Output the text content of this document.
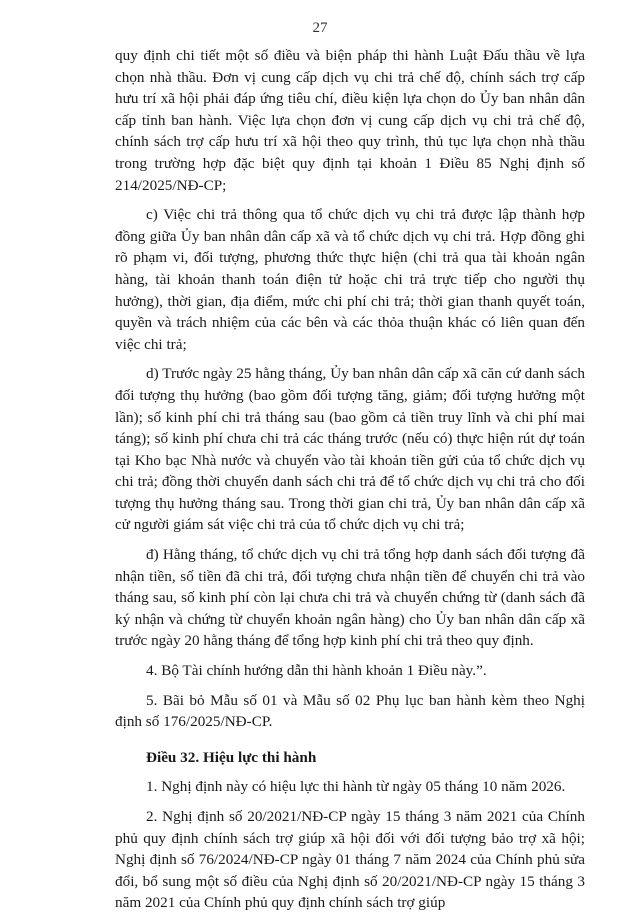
27

quy định chi tiết một số điều và biện pháp thi hành Luật Đấu thầu về lựa chọn nhà thầu. Đơn vị cung cấp dịch vụ chi trả chế độ, chính sách trợ cấp hưu trí xã hội phải đáp ứng tiêu chí, điều kiện lựa chọn do Ủy ban nhân dân cấp tỉnh ban hành. Việc lựa chọn đơn vị cung cấp dịch vụ chi trả chế độ, chính sách trợ cấp hưu trí xã hội theo quy trình, thủ tục lựa chọn nhà thầu trong trường hợp đặc biệt quy định tại khoản 1 Điều 85 Nghị định số 214/2025/NĐ-CP;

c) Việc chi trả thông qua tổ chức dịch vụ chi trả được lập thành hợp đồng giữa Ủy ban nhân dân cấp xã và tổ chức dịch vụ chi trả. Hợp đồng ghi rõ phạm vi, đối tượng, phương thức thực hiện (chi trả qua tài khoản ngân hàng, tài khoản thanh toán điện tử hoặc chi trả trực tiếp cho người thụ hưởng), thời gian, địa điểm, mức chi phí chi trả; thời gian thanh quyết toán, quyền và trách nhiệm của các bên và các thỏa thuận khác có liên quan đến việc chi trả;

d) Trước ngày 25 hằng tháng, Ủy ban nhân dân cấp xã căn cứ danh sách đối tượng thụ hưởng (bao gồm đối tượng tăng, giảm; đối tượng hưởng một lần); số kinh phí chi trả tháng sau (bao gồm cả tiền truy lĩnh và chi phí mai táng); số kinh phí chưa chi trả các tháng trước (nếu có) thực hiện rút dự toán tại Kho bạc Nhà nước và chuyển vào tài khoản tiền gửi của tổ chức dịch vụ chi trả; đồng thời chuyển danh sách chi trả để tổ chức dịch vụ chi trả cho đối tượng thụ hưởng tháng sau. Trong thời gian chi trả, Ủy ban nhân dân cấp xã cử người giám sát việc chi trả của tổ chức dịch vụ chi trả;

đ) Hằng tháng, tổ chức dịch vụ chi trả tổng hợp danh sách đối tượng đã nhận tiền, số tiền đã chi trả, đối tượng chưa nhận tiền để chuyển chi trả vào tháng sau, số kinh phí còn lại chưa chi trả và chuyển chứng từ (danh sách đã ký nhận và chứng từ chuyển khoản ngân hàng) cho Ủy ban nhân dân cấp xã trước ngày 20 hằng tháng để tổng hợp kinh phí chi trả theo quy định.

4. Bộ Tài chính hướng dẫn thi hành khoản 1 Điều này.”.

5. Bãi bỏ Mẫu số 01 và Mẫu số 02 Phụ lục ban hành kèm theo Nghị định số 176/2025/NĐ-CP.

Điều 32. Hiệu lực thi hành

1. Nghị định này có hiệu lực thi hành từ ngày 05 tháng 10 năm 2026.

2. Nghị định số 20/2021/NĐ-CP ngày 15 tháng 3 năm 2021 của Chính phủ quy định chính sách trợ giúp xã hội đối với đối tượng bảo trợ xã hội; Nghị định số 76/2024/NĐ-CP ngày 01 tháng 7 năm 2024 của Chính phủ sửa đổi, bổ sung một số điều của Nghị định số 20/2021/NĐ-CP ngày 15 tháng 3 năm 2021 của Chính phủ quy định chính sách trợ giúp
